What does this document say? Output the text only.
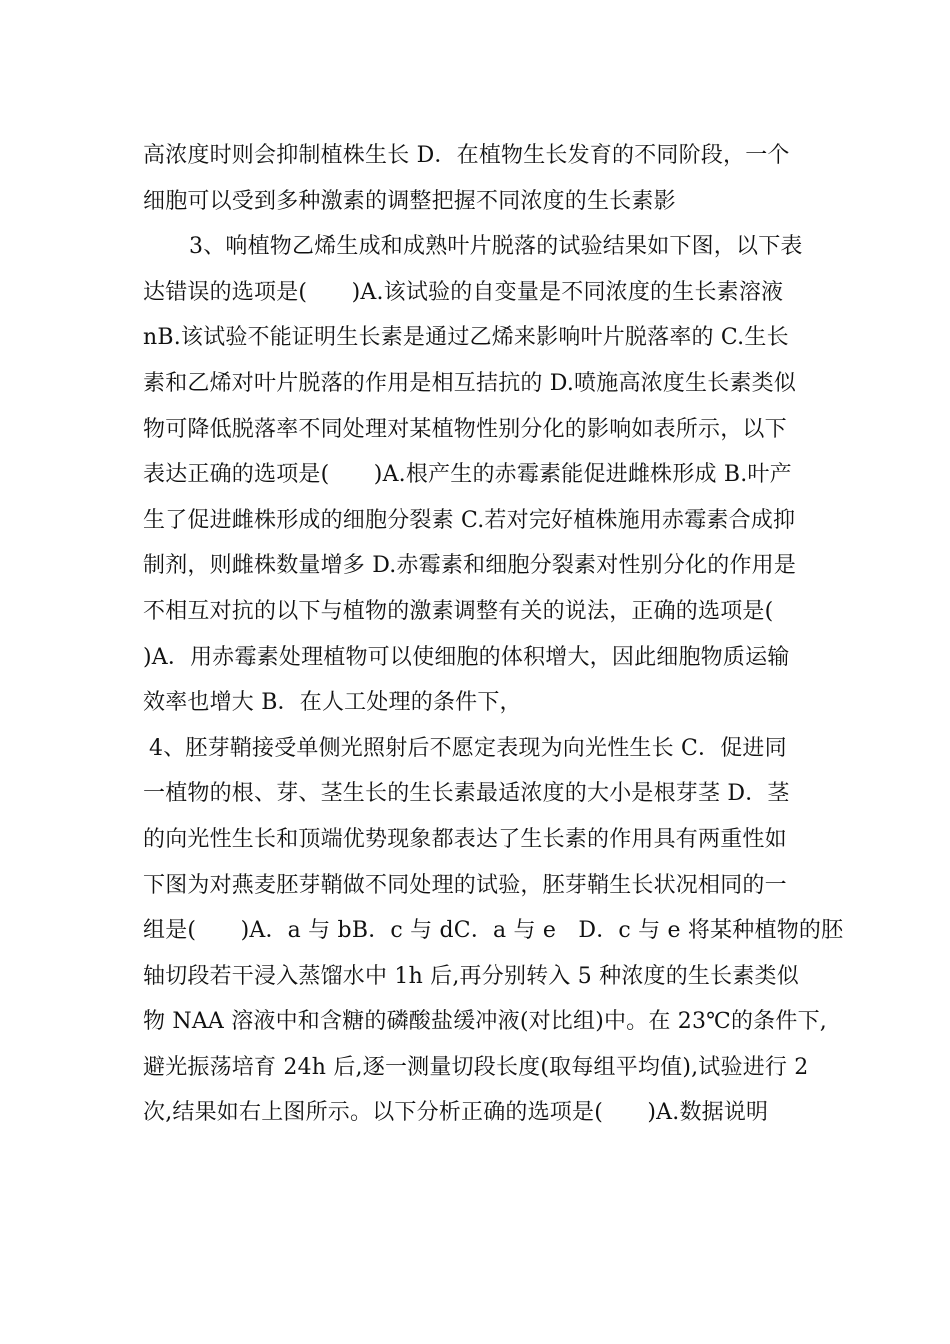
高浓度时则会抑制植株生长 D．在植物生长发育的不同阶段，一个
细胞可以受到多种激素的调整把握不同浓度的生长素影
3、响植物乙烯生成和成熟叶片脱落的试验结果如下图，以下表
达错误的选项是(　　)A.该试验的自变量是不同浓度的生长素溶液
nB.该试验不能证明生长素是通过乙烯来影响叶片脱落率的 C.生长
素和乙烯对叶片脱落的作用是相互拮抗的 D.喷施高浓度生长素类似
物可降低脱落率不同处理对某植物性别分化的影响如表所示，以下
表达正确的选项是(　　)A.根产生的赤霉素能促进雌株形成 B.叶产
生了促进雌株形成的细胞分裂素 C.若对完好植株施用赤霉素合成抑
制剂，则雌株数量增多 D.赤霉素和细胞分裂素对性别分化的作用是
不相互对抗的以下与植物的激素调整有关的说法，正确的选项是(
)A．用赤霉素处理植物可以使细胞的体积增大，因此细胞物质运输
效率也增大 B．在人工处理的条件下，
4、胚芽鞘接受单侧光照射后不愿定表现为向光性生长 C．促进同
一植物的根、芽、茎生长的生长素最适浓度的大小是根芽茎 D．茎
的向光性生长和顶端优势现象都表达了生长素的作用具有两重性如
下图为对燕麦胚芽鞘做不同处理的试验，胚芽鞘生长状况相同的一
组是(　　)A．a 与 bB．c 与 dC．a 与 e　D．c 与 e 将某种植物的胚
轴切段若干浸入蒸馏水中 1h 后,再分别转入 5 种浓度的生长素类似
物 NAA 溶液中和含糖的磷酸盐缓冲液(对比组)中。在 23℃的条件下,
避光振荡培育 24h 后,逐一测量切段长度(取每组平均值),试验进行 2
次,结果如右上图所示。以下分析正确的选项是(　　)A.数据说明
